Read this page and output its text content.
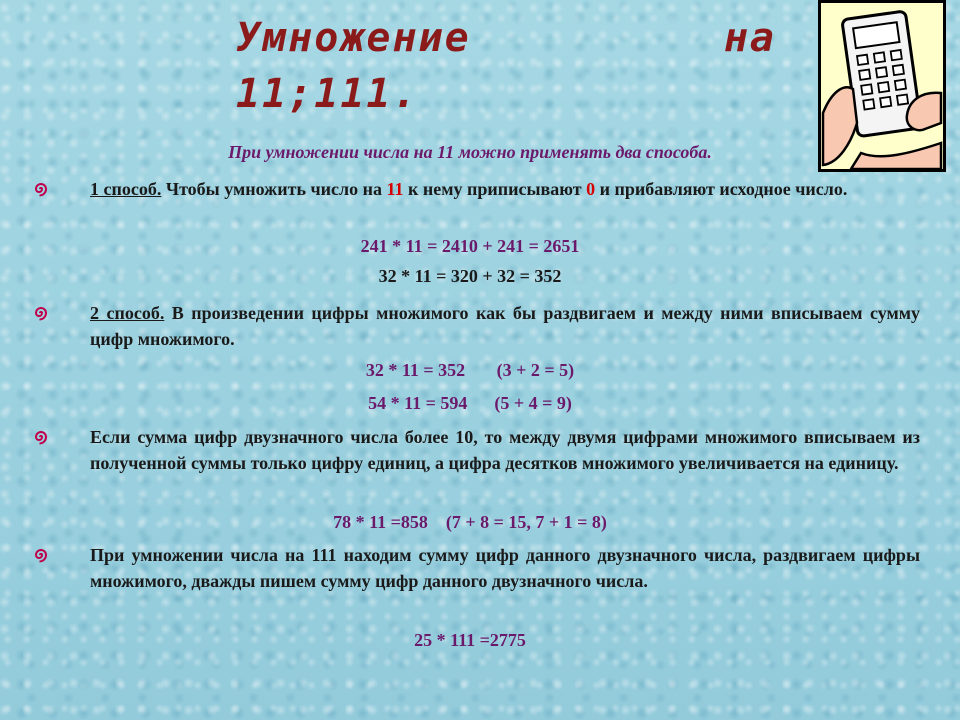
Умножение	на
11;111.
При умножении числа на 11 можно применять два способа.
1 способ. Чтобы умножить число на 11 к нему приписывают 0 и прибавляют исходное число.
241 * 11 = 2410 + 241 = 2651
32 * 11 = 320 + 32 = 352
2 способ. В произведении цифры множимого как бы раздвигаем и между ними вписываем сумму цифр множимого.
32 * 11 = 352       (3 + 2 = 5)
54 * 11 = 594      (5 + 4 = 9)
Если сумма цифр двузначного числа более 10, то между двумя цифрами множимого вписываем из полученной суммы только цифру единиц, а цифра десятков множимого увеличивается на единицу.
78 * 11 =858    (7 + 8 = 15, 7 + 1 = 8)
При умножении числа на 111 находим сумму цифр данного двузначного числа, раздвигаем цифры множимого, дважды пишем сумму цифр данного двузначного числа.
25 * 111 =2775
